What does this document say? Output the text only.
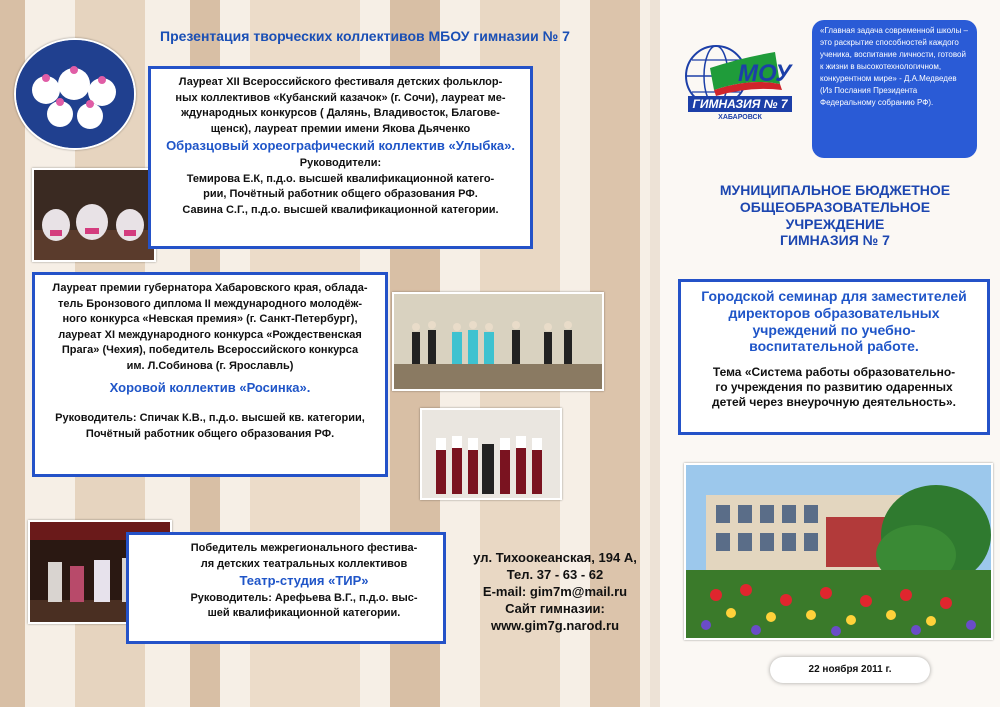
Презентация творческих коллективов МБОУ гимназии № 7
Лауреат XII Всероссийского фестиваля детских фольклор-
ных коллективов «Кубанский казачок» (г. Сочи), лауреат ме-
ждународных конкурсов ( Далянь, Владивосток, Благове-
щенск), лауреат премии имени Якова Дьяченко
Образцовый хореографический коллектив «Улыбка».
Руководители:
Темирова Е.К, п.д.о. высшей квалификационной катего-
рии, Почётный работник общего образования РФ.
Савина С.Г., п.д.о. высшей квалификационной категории.
Лауреат премии губернатора Хабаровского края, облада-
тель Бронзового диплома II международного молодёж-
ного конкурса «Невская премия» (г. Санкт-Петербург),
лауреат XI международного конкурса «Рождественская
Прага» (Чехия), победитель Всероссийского конкурса
им. Л.Собинова (г. Ярославль)
Хоровой коллектив «Росинка».
Руководитель: Спичак К.В., п.д.о. высшей кв. категории,
Почётный работник общего образования РФ.
Победитель межрегионального фестива-
ля детских театральных коллективов
Театр-студия «ТИР»
Руководитель: Арефьева В.Г., п.д.о. выс-
шей квалификационной категории.
ул. Тихоокеанская, 194 А,
Тел. 37 - 63 - 62
E-mail: gim7m@mail.ru
Сайт гимназии:
www.gim7g.narod.ru
МОУ
ГИМНАЗИЯ № 7
ХАБАРОВСК
«Главная задача современной школы – это раскрытие способностей каждого ученика, воспитание личности, готовой к жизни в высокотехнологичном, конкурентном мире» - Д.А.Медведев (Из Послания Президента Федеральному собранию РФ).
МУНИЦИПАЛЬНОЕ БЮДЖЕТНОЕ
ОБЩЕОБРАЗОВАТЕЛЬНОЕ
УЧРЕЖДЕНИЕ
ГИМНАЗИЯ № 7
Городской семинар для заместителей
директоров образовательных
учреждений по учебно-
воспитательной работе.
Тема «Система работы образовательно-
го учреждения по развитию одаренных
детей через внеурочную деятельность».
22 ноября 2011 г.
